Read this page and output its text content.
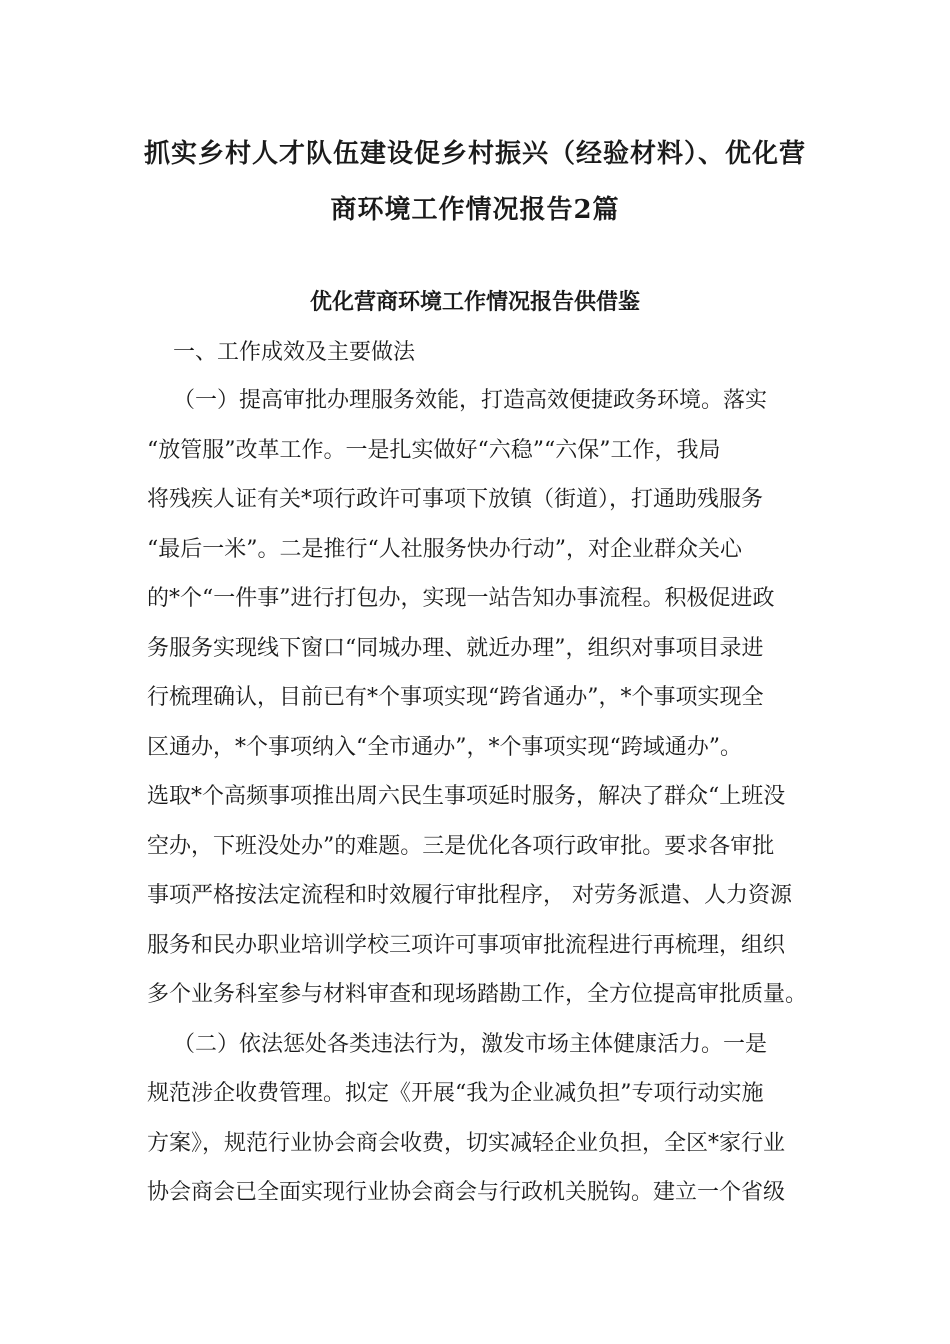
抓实乡村人才队伍建设促乡村振兴（经验材料）、优化营
商环境工作情况报告2篇
优化营商环境工作情况报告供借鉴

一、工作成效及主要做法

（一）提高审批办理服务效能，打造高效便捷政务环境。落实

“放管服”改革工作。一是扎实做好“六稳”“六保”工作，我局

将残疾人证有关*项行政许可事项下放镇（街道），打通助残服务

“最后一米”。二是推行“人社服务快办行动”，对企业群众关心

的*个“一件事”进行打包办，实现一站告知办事流程。积极促进政

务服务实现线下窗口“同城办理、就近办理”，组织对事项目录进

行梳理确认，目前已有*个事项实现“跨省通办”，*个事项实现全

区通办，*个事项纳入“全市通办”，*个事项实现“跨域通办”。

选取*个高频事项推出周六民生事项延时服务，解决了群众“上班没

空办，下班没处办”的难题。三是优化各项行政审批。要求各审批

事项严格按法定流程和时效履行审批程序， 对劳务派遣、人力资源

服务和民办职业培训学校三项许可事项审批流程进行再梳理，组织

多个业务科室参与材料审查和现场踏勘工作，全方位提高审批质量。

（二）依法惩处各类违法行为，激发市场主体健康活力。一是

规范涉企收费管理。拟定《开展“我为企业减负担”专项行动实施

方案》，规范行业协会商会收费，切实减轻企业负担，全区*家行业

协会商会已全面实现行业协会商会与行政机关脱钩。建立一个省级
